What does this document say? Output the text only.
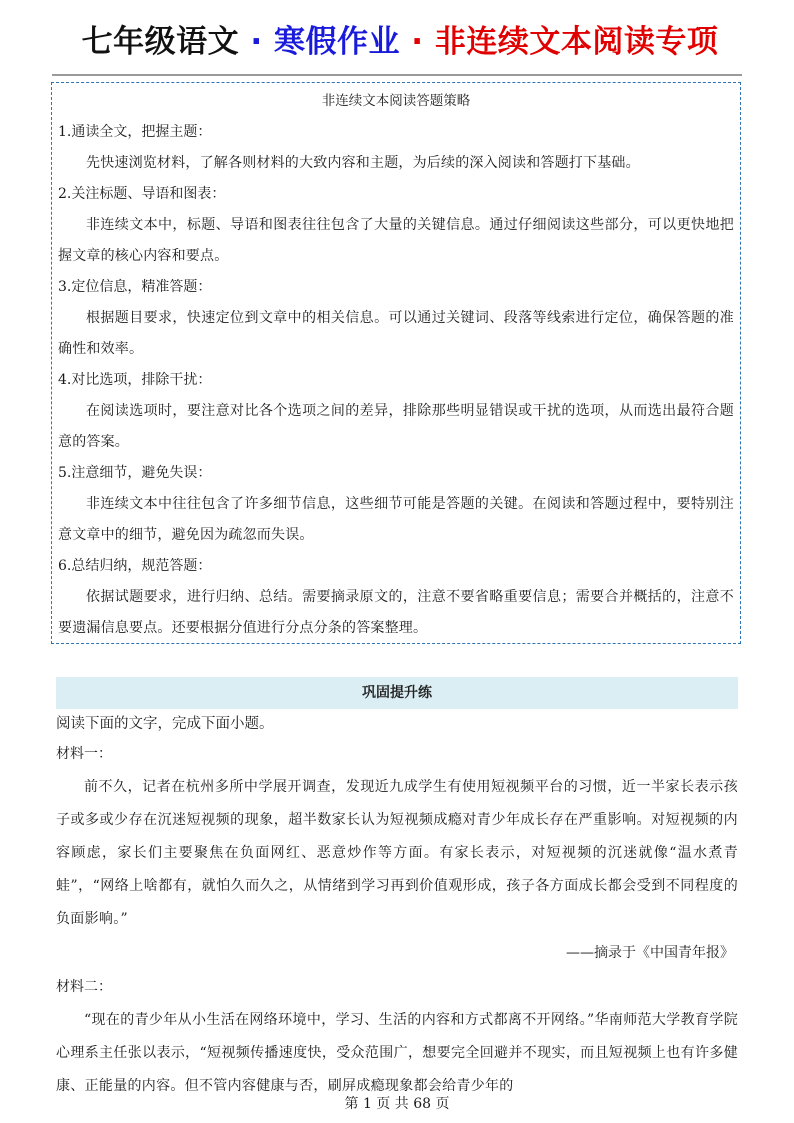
七年级语文 · 寒假作业 · 非连续文本阅读专项
非连续文本阅读答题策略
1.通读全文，把握主题：
先快速浏览材料，了解各则材料的大致内容和主题，为后续的深入阅读和答题打下基础。
2.关注标题、导语和图表：
非连续文本中，标题、导语和图表往往包含了大量的关键信息。通过仔细阅读这些部分，可以更快地把握文章的核心内容和要点。
3.定位信息，精准答题：
根据题目要求，快速定位到文章中的相关信息。可以通过关键词、段落等线索进行定位，确保答题的准确性和效率。
4.对比选项，排除干扰：
在阅读选项时，要注意对比各个选项之间的差异，排除那些明显错误或干扰的选项，从而选出最符合题意的答案。
5.注意细节，避免失误：
非连续文本中往往包含了许多细节信息，这些细节可能是答题的关键。在阅读和答题过程中，要特别注意文章中的细节，避免因为疏忽而失误。
6.总结归纳，规范答题：
依据试题要求，进行归纳、总结。需要摘录原文的，注意不要省略重要信息；需要合并概括的，注意不要遗漏信息要点。还要根据分值进行分点分条的答案整理。
巩固提升练
阅读下面的文字，完成下面小题。
材料一：
前不久，记者在杭州多所中学展开调查，发现近九成学生有使用短视频平台的习惯，近一半家长表示孩子或多或少存在沉迷短视频的现象，超半数家长认为短视频成瘾对青少年成长存在严重影响。对短视频的内容顾虑，家长们主要聚焦在负面网红、恶意炒作等方面。有家长表示，对短视频的沉迷就像“温水煮青蛙”，“网络上啥都有，就怕久而久之，从情绪到学习再到价值观形成，孩子各方面成长都会受到不同程度的负面影响。”
——摘录于《中国青年报》
材料二：
“现在的青少年从小生活在网络环境中，学习、生活的内容和方式都离不开网络。”华南师范大学教育学院心理系主任张以表示，“短视频传播速度快，受众范围广，想要完全回避并不现实，而且短视频上也有许多健康、正能量的内容。但不管内容健康与否，刷屏成瘾现象都会给青少年的
第 1 页 共 68 页
